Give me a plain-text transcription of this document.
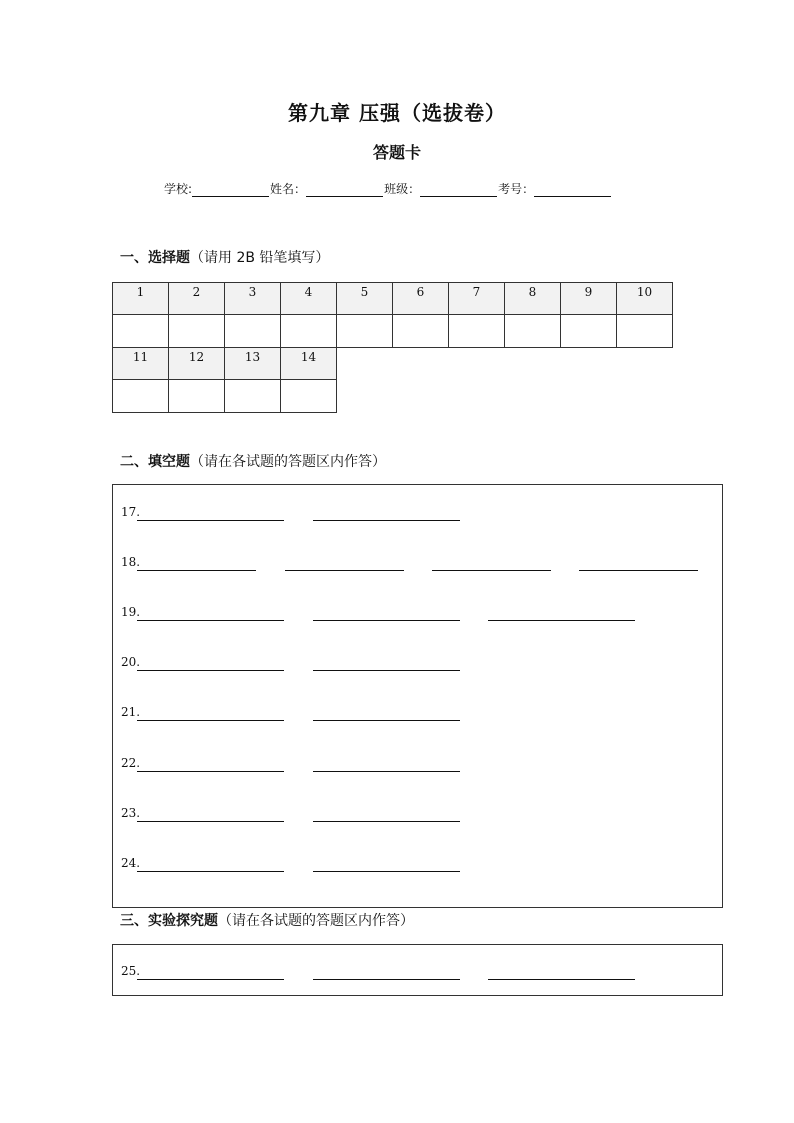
第九章 压强（选拔卷）
答题卡
学校:	姓名：	班级：	考号：
一、选择题（请用 2B 铅笔填写）
1	2	3	4	5	6	7	8	9	10

11	12	13	14						

二、填空题（请在各试题的答题区内作答）
17.
18.
19.
20.
21.
22.
23.
24.
三、实验探究题（请在各试题的答题区内作答）
25.
